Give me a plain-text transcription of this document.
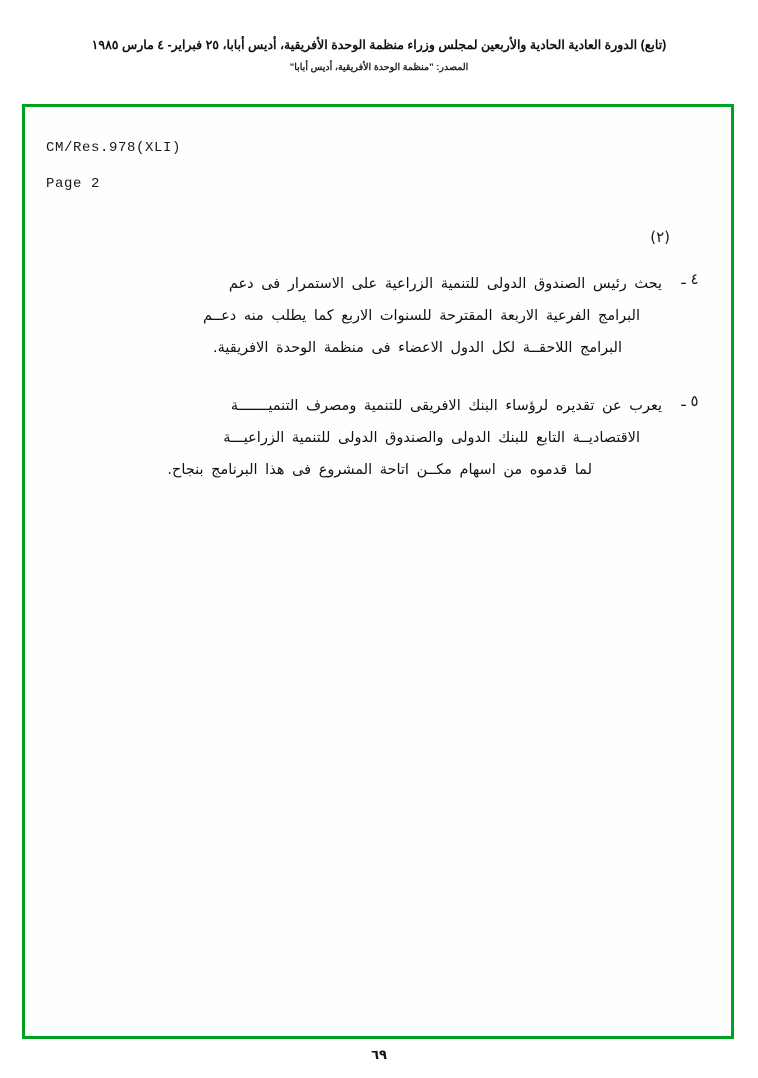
(تابع) الدورة العادية الحادية والأربعين لمجلس وزراء منظمة الوحدة الأفريقية، أديس أبابا، ٢٥ فبراير- ٤ مارس ١٩٨٥
المصدر: "منظمة الوحدة الأفريقية، أديس أبابا"
CM/Res.978(XLI)
Page 2
(٢)
٤ ـ
يحث رئيس الصندوق الدولى للتنمية الزراعية على الاستمرار فى دعم
البرامج الفرعية الاربعة المقترحة للسنوات الاربع كما يطلب منه دعــم
البرامج اللاحقــة لكل الدول الاعضاء فى منظمة الوحدة الافريقية.
٥ ـ
يعرب عن تقديره لرؤساء البنك الافريقى للتنمية ومصرف التنميـــــــة
الاقتصاديــة التابع للبنك الدولى والصندوق الدولى للتنمية الزراعيـــة
لما قدموه من اسهام مكــن اتاحة المشروع فى هذا البرنامج بنجاح.
٦٩
